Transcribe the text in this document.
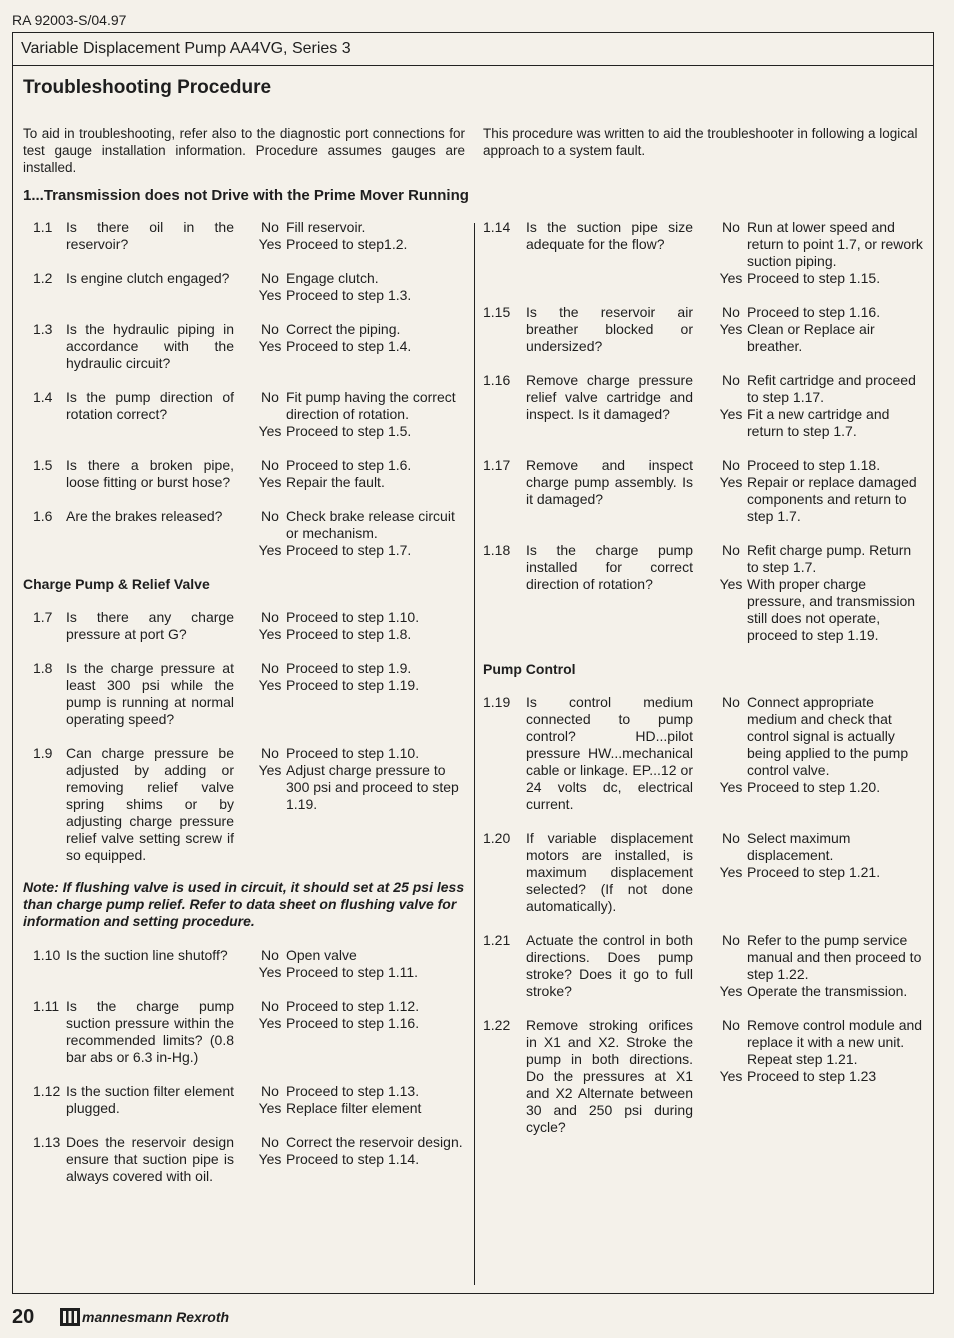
RA 92003-S/04.97
Variable Displacement Pump AA4VG, Series 3
Troubleshooting Procedure
To aid in troubleshooting, refer also to the diagnostic port connections for test gauge installation information. Procedure assumes gauges are installed.
This procedure was written to aid the troubleshooter in following a logical approach to a system fault.
1...Transmission does not Drive with the Prime Mover Running
1.1 Is there oil in the reservoir?
No Fill reservoir.
Yes Proceed to step1.2.
1.2 Is engine clutch engaged?	No Engage clutch.
Yes Proceed to step 1.3.
1.3 Is the hydraulic piping in accordance with the hydraulic circuit?
No Correct the piping.
Yes Proceed to step 1.4.
1.4 Is the pump direction of rotation correct?
No Fit pump having the correct direction of rotation.
Yes Proceed to step 1.5.
1.5 Is there a broken pipe, loose fitting or burst hose?
No Proceed to step 1.6.
Yes Repair the fault.
1.6 Are the brakes released?	No Check brake release circuit or mechanism.
Yes Proceed to step 1.7.
Charge Pump & Relief Valve
1.7 Is there any charge pressure at port G?
No Proceed to step 1.10.
Yes Proceed to step 1.8.
1.8 Is the charge pressure at least 300 psi while the pump is running at normal operating speed?
No Proceed to step 1.9.
Yes Proceed to step 1.19.
1.9 Can charge pressure be adjusted by adding or removing relief valve spring shims or by adjusting charge pressure relief valve setting screw if so equipped.
No Proceed to step 1.10.
Yes Adjust charge pressure to 300 psi and proceed to step 1.19.
Note: If flushing valve is used in circuit, it should set at 25 psi less than charge pump relief. Refer to data sheet on flushing valve for information and setting procedure.
1.10 Is the suction line shutoff?	No Open valve
Yes Proceed to step 1.11.
1.11 Is the charge pump suction pressure within the recommended limits? (0.8 bar abs or 6.3 in-Hg.)
No Proceed to step 1.12.
Yes Proceed to step 1.16.
1.12 Is the suction filter element plugged.
No Proceed to step 1.13.
Yes Replace filter element
1.13 Does the reservoir design ensure that suction pipe is always covered with oil.
No Correct the reservoir design.
Yes Proceed to step 1.14.
1.14	Is the suction pipe size adequate for the flow?
No Run at lower speed and return to point 1.7, or rework suction piping.
Yes Proceed to step 1.15.
1.15	Is the reservoir air breather blocked or undersized?
No Proceed to step 1.16.
Yes Clean or Replace air breather.
1.16	Remove charge pressure relief valve cartridge and inspect. Is it damaged?
No Refit cartridge and proceed to step 1.17.
Yes Fit a new cartridge and return to step 1.7.
1.17	Remove and inspect charge pump assembly. Is it damaged?
No Proceed to step 1.18.
Yes Repair or replace damaged components and return to step 1.7.
1.18	Is the charge pump installed for correct direction of rotation?
No Refit charge pump. Return to step 1.7.
Yes With proper charge pressure, and transmission still does not operate, proceed to step 1.19.
Pump Control
1.19	Is control medium connected to pump control? HD...pilot pressure HW...mechanical cable or linkage. EP...12 or 24 volts dc, electrical current.
No Connect appropriate medium and check that control signal is actually being applied to the pump control valve.
Yes Proceed to step 1.20.
1.20	If variable displacement motors are installed, is maximum displacement selected? (If not done automatically).
No Select maximum displacement.
Yes Proceed to step 1.21.
1.21	Actuate the control in both directions. Does pump stroke? Does it go to full stroke?
No Refer to the pump service manual and then proceed to step 1.22.
Yes Operate the transmission.
1.22	Remove stroking orifices in X1 and X2. Stroke the pump in both directions. Do the pressures at X1 and X2 Alternate between 30 and 250 psi during cycle?
No Remove control module and replace it with a new unit. Repeat step 1.21.
Yes Proceed to step 1.23
20	mannesmann Rexroth
